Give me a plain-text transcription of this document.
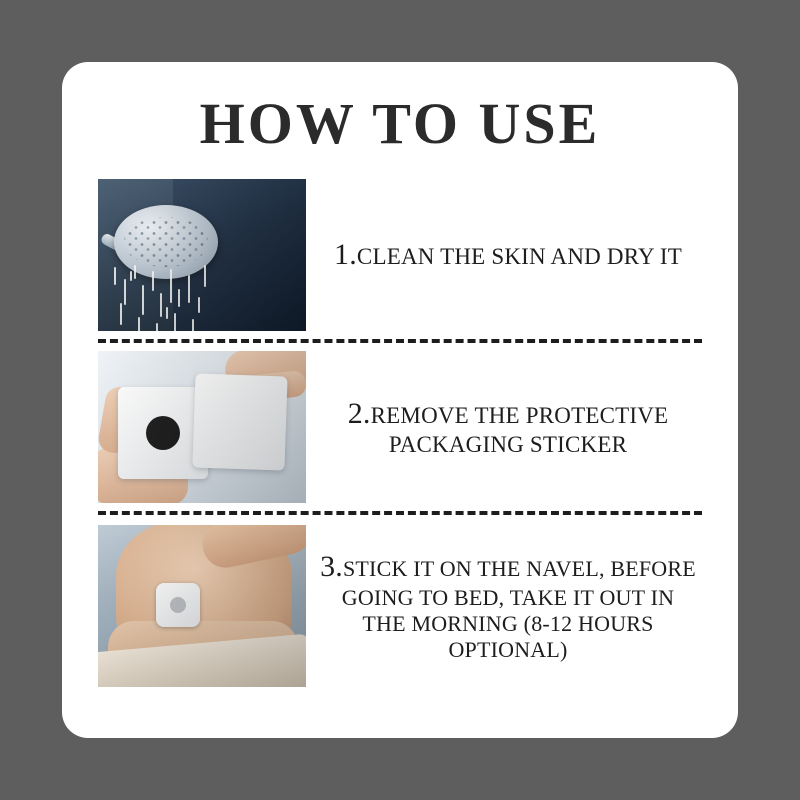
HOW TO USE
1.CLEAN THE SKIN AND DRY IT
2.REMOVE THE PROTECTIVE PACKAGING STICKER
3.STICK IT ON THE NAVEL, BEFORE GOING TO BED, TAKE IT OUT IN THE MORNING (8-12 HOURS OPTIONAL)
